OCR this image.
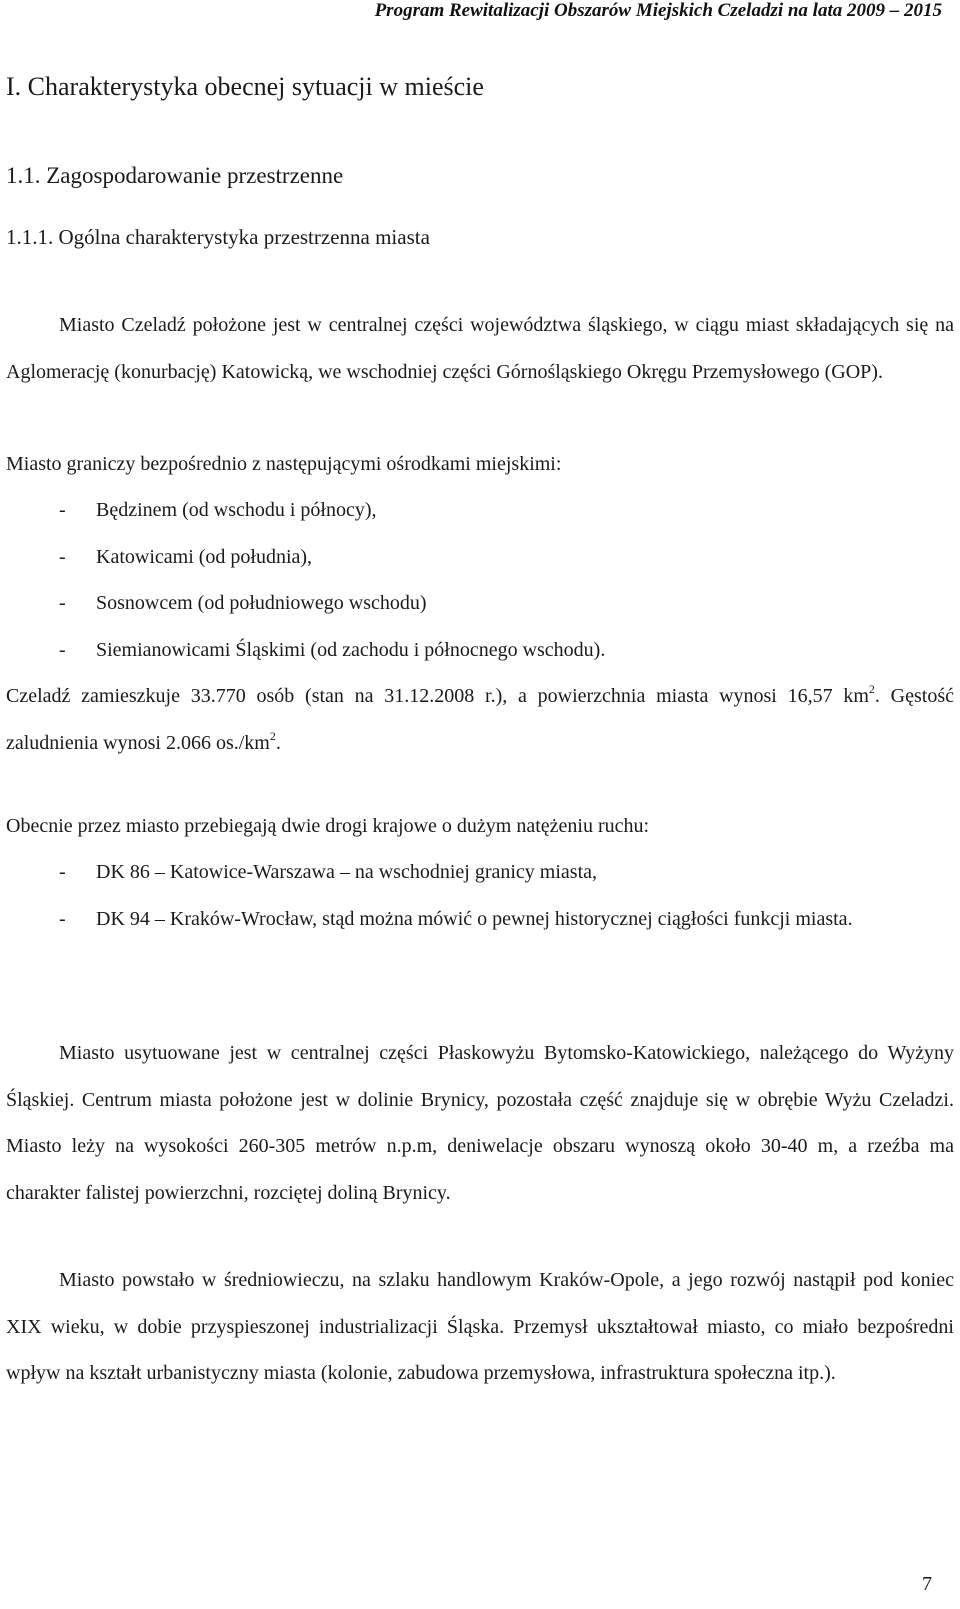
Program Rewitalizacji Obszarów Miejskich Czeladzi na lata 2009 – 2015
I. Charakterystyka obecnej sytuacji w mieście
1.1. Zagospodarowanie przestrzenne
1.1.1. Ogólna charakterystyka przestrzenna miasta

Miasto Czeladź położone jest w centralnej części województwa śląskiego, w ciągu miast składających się na Aglomerację (konurbację) Katowicką, we wschodniej części Górnośląskiego Okręgu Przemysłowego (GOP).

Miasto graniczy bezpośrednio z następującymi ośrodkami miejskimi:

- Będzinem (od wschodu i północy),
- Katowicami (od południa),
- Sosnowcem (od południowego wschodu)
- Siemianowicami Śląskimi (od zachodu i północnego wschodu).

Czeladź zamieszkuje 33.770 osób (stan na 31.12.2008 r.), a powierzchnia miasta wynosi 16,57 $km^2$. Gęstość zaludnienia wynosi 2.066 $os./km^2$.

Obecnie przez miasto przebiegają dwie drogi krajowe o dużym natężeniu ruchu:

- DK 86 – Katowice-Warszawa – na wschodniej granicy miasta,
- DK 94 – Kraków-Wrocław, stąd można mówić o pewnej historycznej ciągłości funkcji miasta.

Miasto usytuowane jest w centralnej części Płaskowyżu Bytomsko-Katowickiego, należącego do Wyżyny Śląskiej. Centrum miasta położone jest w dolinie Brynicy, pozostała część znajduje się w obrębie Wyżu Czeladzi. Miasto leży na wysokości 260-305 metrów n.p.m, deniwelacje obszaru wynoszą około 30-40 m, a rzeźba ma charakter falistej powierzchni, rozciętej doliną Brynicy.

Miasto powstało w średniowieczu, na szlaku handlowym Kraków-Opole, a jego rozwój nastąpił pod koniec XIX wieku, w dobie przyspieszonej industrializacji Śląska. Przemysł ukształtował miasto, co miało bezpośredni wpływ na kształt urbanistyczny miasta (kolonie, zabudowa przemysłowa, infrastruktura społeczna itp.).

7
